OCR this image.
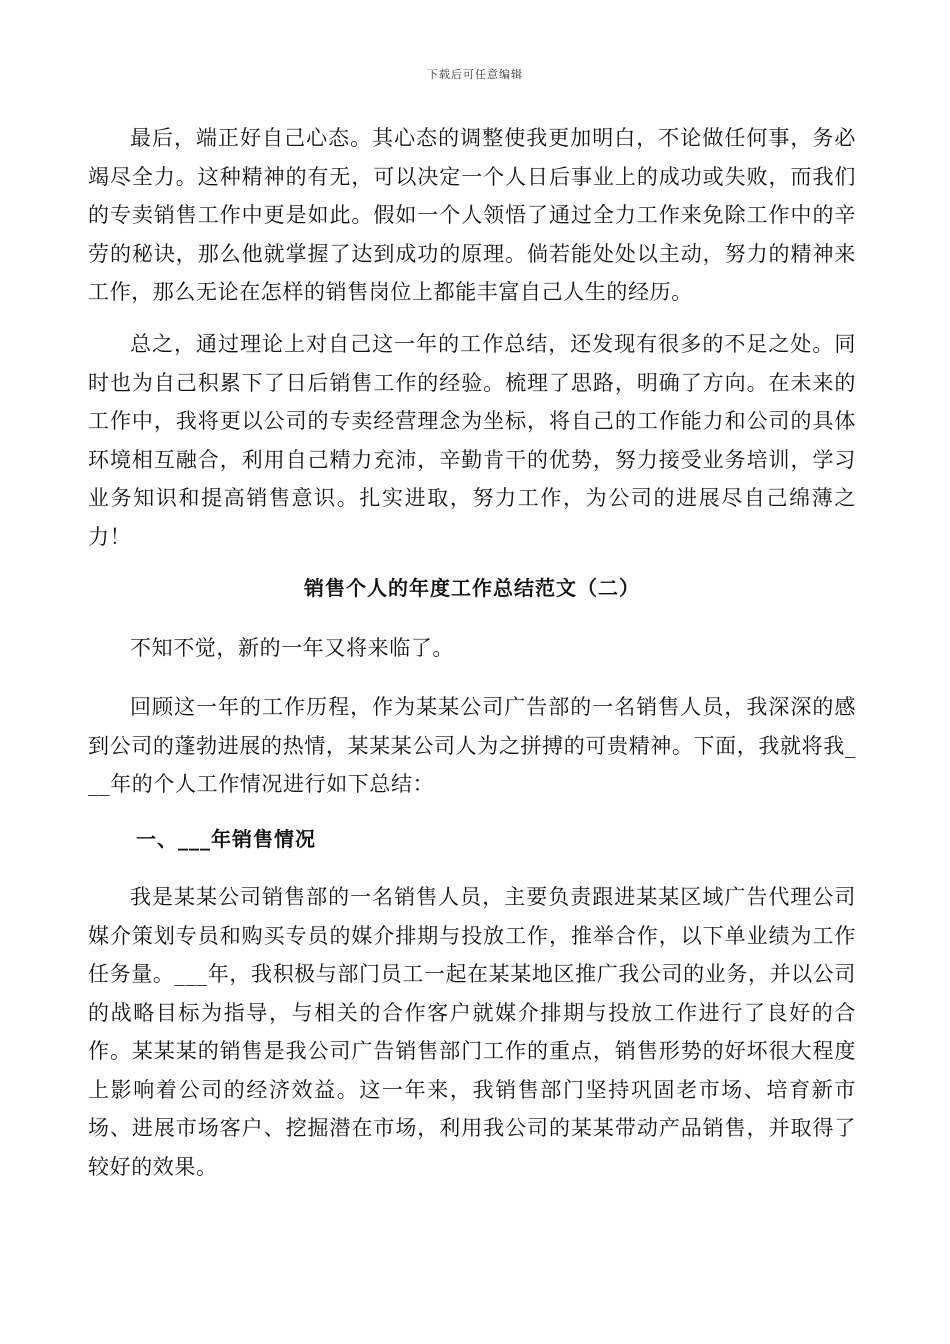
下载后可任意编辑

最后，端正好自己心态。其心态的调整使我更加明白，不论做任何事，务必竭尽全力。这种精神的有无，可以决定一个人日后事业上的成功或失败，而我们的专卖销售工作中更是如此。假如一个人领悟了通过全力工作来免除工作中的辛劳的秘诀，那么他就掌握了达到成功的原理。倘若能处处以主动，努力的精神来工作，那么无论在怎样的销售岗位上都能丰富自己人生的经历。

总之，通过理论上对自己这一年的工作总结，还发现有很多的不足之处。同时也为自己积累下了日后销售工作的经验。梳理了思路，明确了方向。在未来的工作中，我将更以公司的专卖经营理念为坐标，将自己的工作能力和公司的具体环境相互融合，利用自己精力充沛，辛勤肯干的优势，努力接受业务培训，学习业务知识和提高销售意识。扎实进取，努力工作，为公司的进展尽自己绵薄之力！

销售个人的年度工作总结范文（二）

不知不觉，新的一年又将来临了。

回顾这一年的工作历程，作为某某公司广告部的一名销售人员，我深深的感到公司的蓬勃进展的热情，某某某公司人为之拼搏的可贵精神。下面，我就将我___年的个人工作情况进行如下总结：

一、___年销售情况

我是某某公司销售部的一名销售人员，主要负责跟进某某区域广告代理公司媒介策划专员和购买专员的媒介排期与投放工作，推举合作，以下单业绩为工作任务量。___年，我积极与部门员工一起在某某地区推广我公司的业务，并以公司的战略目标为指导，与相关的合作客户就媒介排期与投放工作进行了良好的合作。某某某的销售是我公司广告销售部门工作的重点，销售形势的好坏很大程度上影响着公司的经济效益。这一年来，我销售部门坚持巩固老市场、培育新市场、进展市场客户、挖掘潜在市场，利用我公司的某某带动产品销售，并取得了较好的效果。
